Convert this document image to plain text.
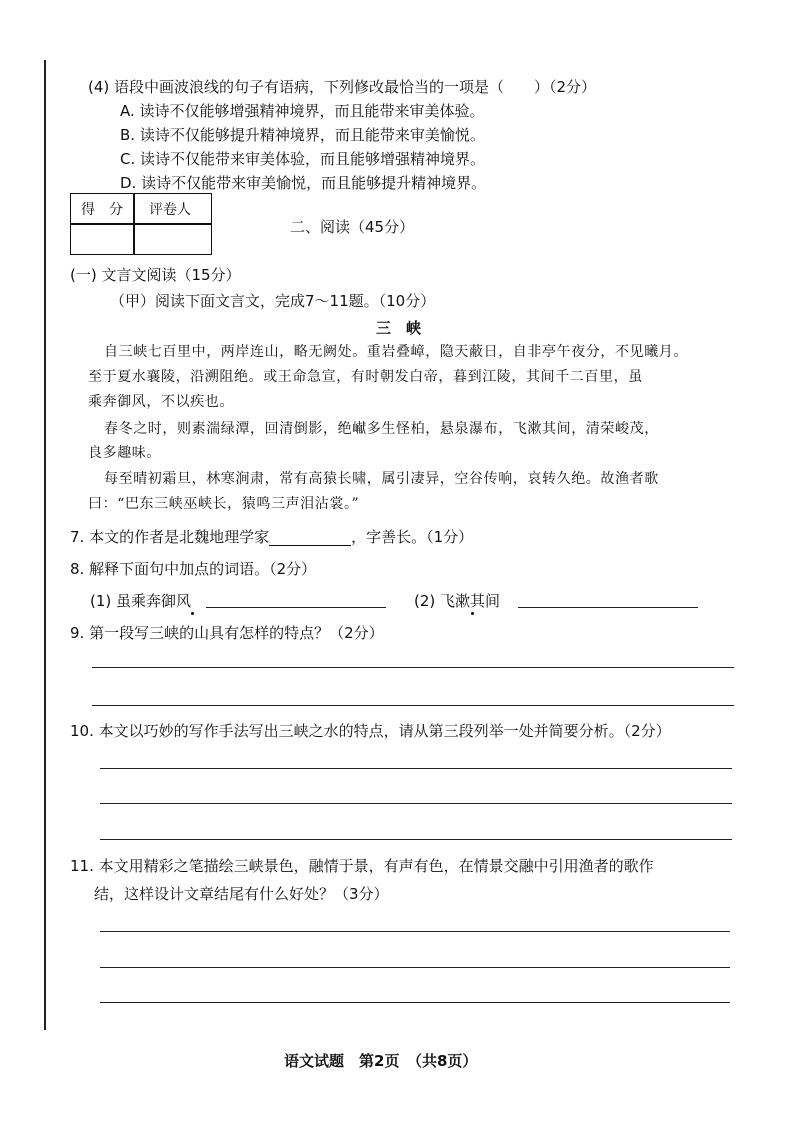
(4) 语段中画波浪线的句子有语病，下列修改最恰当的一项是（　　）（2分）
A. 读诗不仅能够增强精神境界，而且能带来审美体验。
B. 读诗不仅能够提升精神境界，而且能带来审美愉悦。
C. 读诗不仅能带来审美体验，而且能够增强精神境界。
D. 读诗不仅能带来审美愉悦，而且能够提升精神境界。
得　分 评卷人
二、阅读（45分）
(一) 文言文阅读（15分）
（甲）阅读下面文言文，完成7～11题。（10分）
三　峡
自三峡七百里中，两岸连山，略无阙处。重岩叠嶂，隐天蔽日，自非亭午夜分，不见曦月。
至于夏水襄陵，沿溯阻绝。或王命急宣，有时朝发白帝，暮到江陵，其间千二百里，虽
乘奔御风，不以疾也。
春冬之时，则素湍绿潭，回清倒影，绝𪩘多生怪柏，悬泉瀑布，飞漱其间，清荣峻茂，
良多趣味。
每至晴初霜旦，林寒涧肃，常有高猿长啸，属引凄异，空谷传响，哀转久绝。故渔者歌
曰：“巴东三峡巫峡长，猿鸣三声泪沾裳。”
7. 本文的作者是北魏地理学家	，字善长。（1分）
8. 解释下面句中加点的词语。（2分）
(1) 虽乘奔御风	(2) 飞漱其间
9. 第一段写三峡的山具有怎样的特点？（2分）
10. 本文以巧妙的写作手法写出三峡之水的特点，请从第三段列举一处并简要分析。（2分）
11. 本文用精彩之笔描绘三峡景色，融情于景，有声有色，在情景交融中引用渔者的歌作
结，这样设计文章结尾有什么好处？（3分）
语文试题　第2页　（共8页）
